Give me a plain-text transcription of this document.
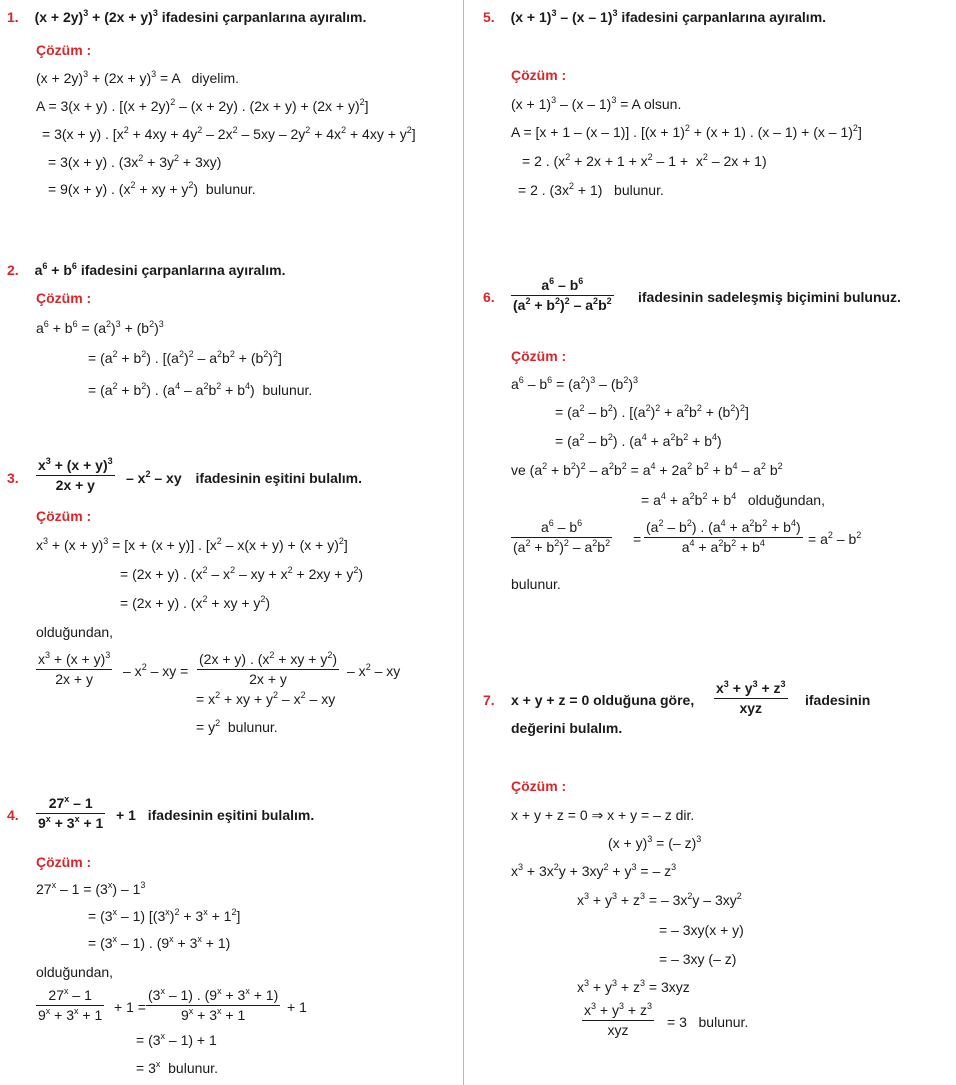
1. $(x + 2y)^3 + (2x + y)^3$ ifadesini çarpanlarına ayıralım.
Çözüm :
$(x + 2y)^3 + (2x + y)^3 = A$   diyelim.
A = 3(x + y) . [$(x + 2y)^2 - (x + 2y)$ . $(2x + y) + (2x + y)^2$]
= 3(x + y) . $[x^2 + 4xy + 4y^2 - 2x^2 - 5xy - 2y^2 + 4x^2 + 4xy + y^2]$
= 3(x + y) . $(3x^2 + 3y^2 + 3xy)$
= 9(x + y) . ($x^2$ + xy + $y^2$)  bulunur.
2. $a^6 + b^6$ ifadesini çarpanlarına ayıralım.
Çözüm :
$a^6 + b^6 = (a^2)^3 + (b^2)^3$
= $(a^2 + b^2)$ . $[(a^2)^2 - a^2b^2 + (b^2)^2]$
= $(a^2 + b^2)$ . $(a^4 - a^2b^2 + b^4)$  bulunur.
3. $\frac{x^3 + (x + y)^3}{2x + y} - x^2$ – xy ifadesinin eşitini bulalım.
Çözüm :
$x^3 + (x + y)^3 = [x + (x + y)]$ . $[x^2 - x(x + y) + (x + y)^2]$
= (2x + y) . ($x^2 - x^2$ – xy + $x^2 + 2xy + y^2$)
= (2x + y) . ($x^2$ + xy + $y^2$)
olduğundan,
$\frac{x^3 + (x + y)^3}{2x + y} - x^2$ – xy = $\frac{(2x + y) . (x^2 + xy + y^2)}{2x + y} - x^2$ – xy
= $x^2$ + xy + $y^2 - x^2$ – xy
= $y^2$  bulunur.
4. $\frac{27^x - 1}{9^x + 3^x + 1} + 1$ ifadesinin eşitini bulalım.
Çözüm :
$27^x - 1 = (3^x) - 1^3$
= $(3^x - 1) [(3^x)^2 + 3^x + 1^2]$
= $(3^x - 1)$ . $(9^x + 3^x + 1)$
olduğundan,
$\frac{27^x - 1}{9^x + 3^x + 1} + 1 = \frac{(3^x - 1) . (9^x + 3^x + 1)}{9^x + 3^x + 1} + 1$
= $(3^x - 1) + 1$
= $3^x$  bulunur.
5. $(x + 1)^3 - (x - 1)^3$ ifadesini çarpanlarına ayıralım.
Çözüm :
$(x + 1)^3 - (x - 1)^3 = A$ olsun.
A = [x + 1 – (x – 1)] . [$(x + 1)^2 + (x + 1)$ . (x – 1) + (x – 1)$^2$]
= 2 . $(x^2 + 2x + 1 + x^2 - 1 + x^2 - 2x + 1)$
= 2 . $(3x^2 + 1)$   bulunur.
6. $\frac{a^6 - b^6}{(a^2 + b^2)^2 - a^2b^2}$ ifadesinin sadeleşmiş biçimini bulunuz.
Çözüm :
$a^6 - b^6 = (a^2)^3 - (b^2)^3$
= $(a^2 - b^2)$ . $[(a^2)^2 + a^2b^2 + (b^2)^2]$
= $(a^2 - b^2)$ . $(a^4 + a^2b^2 + b^4)$
ve $(a^2 + b^2)^2 - a^2b^2 = a^4 + 2a^2$ $b^2 + b^4 - a^2$ $b^2$
= $a^4 + a^2b^2 + b^4$   olduğundan,
$\frac{a^6 - b^6}{(a^2 + b^2)^2 - a^2b^2} = \frac{(a^2 - b^2) . (a^4 + a^2b^2 + b^4)}{a^4 + a^2b^2 + b^4} = a^2 - b^2$
bulunur.
7. x + y + z = 0 olduğuna göre,
$x^3 + y^3 + z^3$
xyz	ifadesinin
değerini bulalım.
Çözüm :
x + y + z = 0 ⇒ x + y = – z dir.
$(x + y)^3$ = (– z)$^3$
$x^3 + 3x^2y + 3xy^2 + y^3$ = – $z^3$
$x^3 + y^3 + z^3$ = – $3x^2y - 3xy^2$
= – 3xy(x + y)
= – 3xy (– z)
$x^3 + y^3 + z^3 = 3xyz$
$x^3 + y^3 + z^3$
xyz	= 3   bulunur.
